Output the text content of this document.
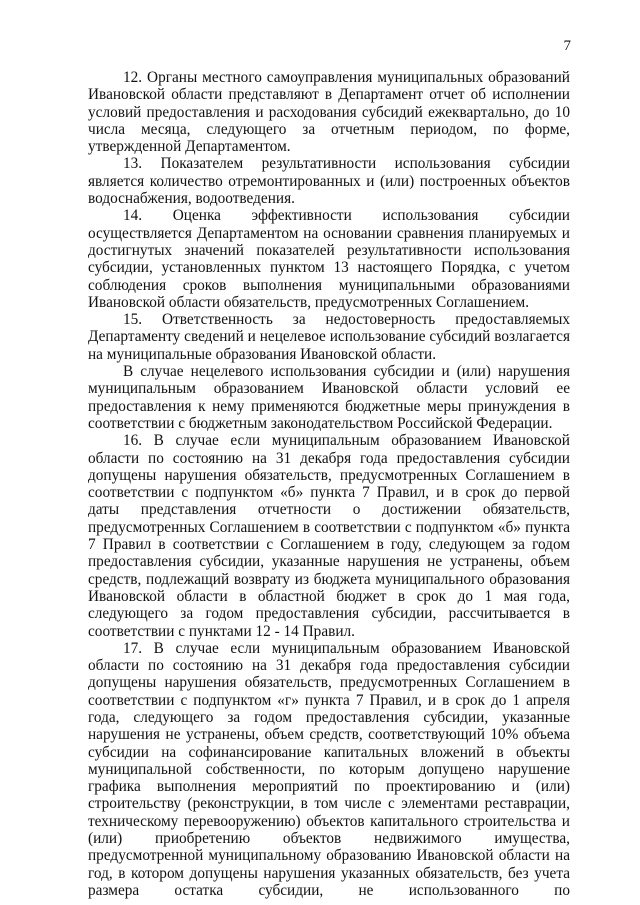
7

12. Органы местного самоуправления муниципальных образований Ивановской области представляют в Департамент отчет об исполнении условий предоставления и расходования субсидий ежеквартально, до 10 числа месяца, следующего за отчетным периодом, по форме, утвержденной Департаментом.

13. Показателем результативности использования субсидии является количество отремонтированных и (или) построенных объектов водоснабжения, водоотведения.

14. Оценка эффективности использования субсидии осуществляется Департаментом на основании сравнения планируемых и достигнутых значений показателей результативности использования субсидии, установленных пунктом 13 настоящего Порядка, с учетом соблюдения сроков выполнения муниципальными образованиями Ивановской области обязательств, предусмотренных Соглашением.

15. Ответственность за недостоверность предоставляемых Департаменту сведений и нецелевое использование субсидий возлагается на муниципальные образования Ивановской области.

В случае нецелевого использования субсидии и (или) нарушения муниципальным образованием Ивановской области условий ее предоставления к нему применяются бюджетные меры принуждения в соответствии с бюджетным законодательством Российской Федерации.

16. В случае если муниципальным образованием Ивановской области по состоянию на 31 декабря года предоставления субсидии допущены нарушения обязательств, предусмотренных Соглашением в соответствии с подпунктом «б» пункта 7 Правил, и в срок до первой даты представления отчетности о достижении обязательств, предусмотренных Соглашением в соответствии с подпунктом «б» пункта 7 Правил в соответствии с Соглашением в году, следующем за годом предоставления субсидии, указанные нарушения не устранены, объем средств, подлежащий возврату из бюджета муниципального образования Ивановской области в областной бюджет в срок до 1 мая года, следующего за годом предоставления субсидии, рассчитывается в соответствии с пунктами 12 - 14 Правил.

17. В случае если муниципальным образованием Ивановской области по состоянию на 31 декабря года предоставления субсидии допущены нарушения обязательств, предусмотренных Соглашением в соответствии с подпунктом «г» пункта 7 Правил, и в срок до 1 апреля года, следующего за годом предоставления субсидии, указанные нарушения не устранены, объем средств, соответствующий 10% объема субсидии на софинансирование капитальных вложений в объекты муниципальной собственности, по которым допущено нарушение графика выполнения мероприятий по проектированию и (или) строительству (реконструкции, в том числе с элементами реставрации, техническому перевооружению) объектов капитального строительства и (или) приобретению объектов недвижимого имущества, предусмотренной муниципальному образованию Ивановской области на год, в котором допущены нарушения указанных обязательств, без учета размера остатка субсидии, не использованного по
